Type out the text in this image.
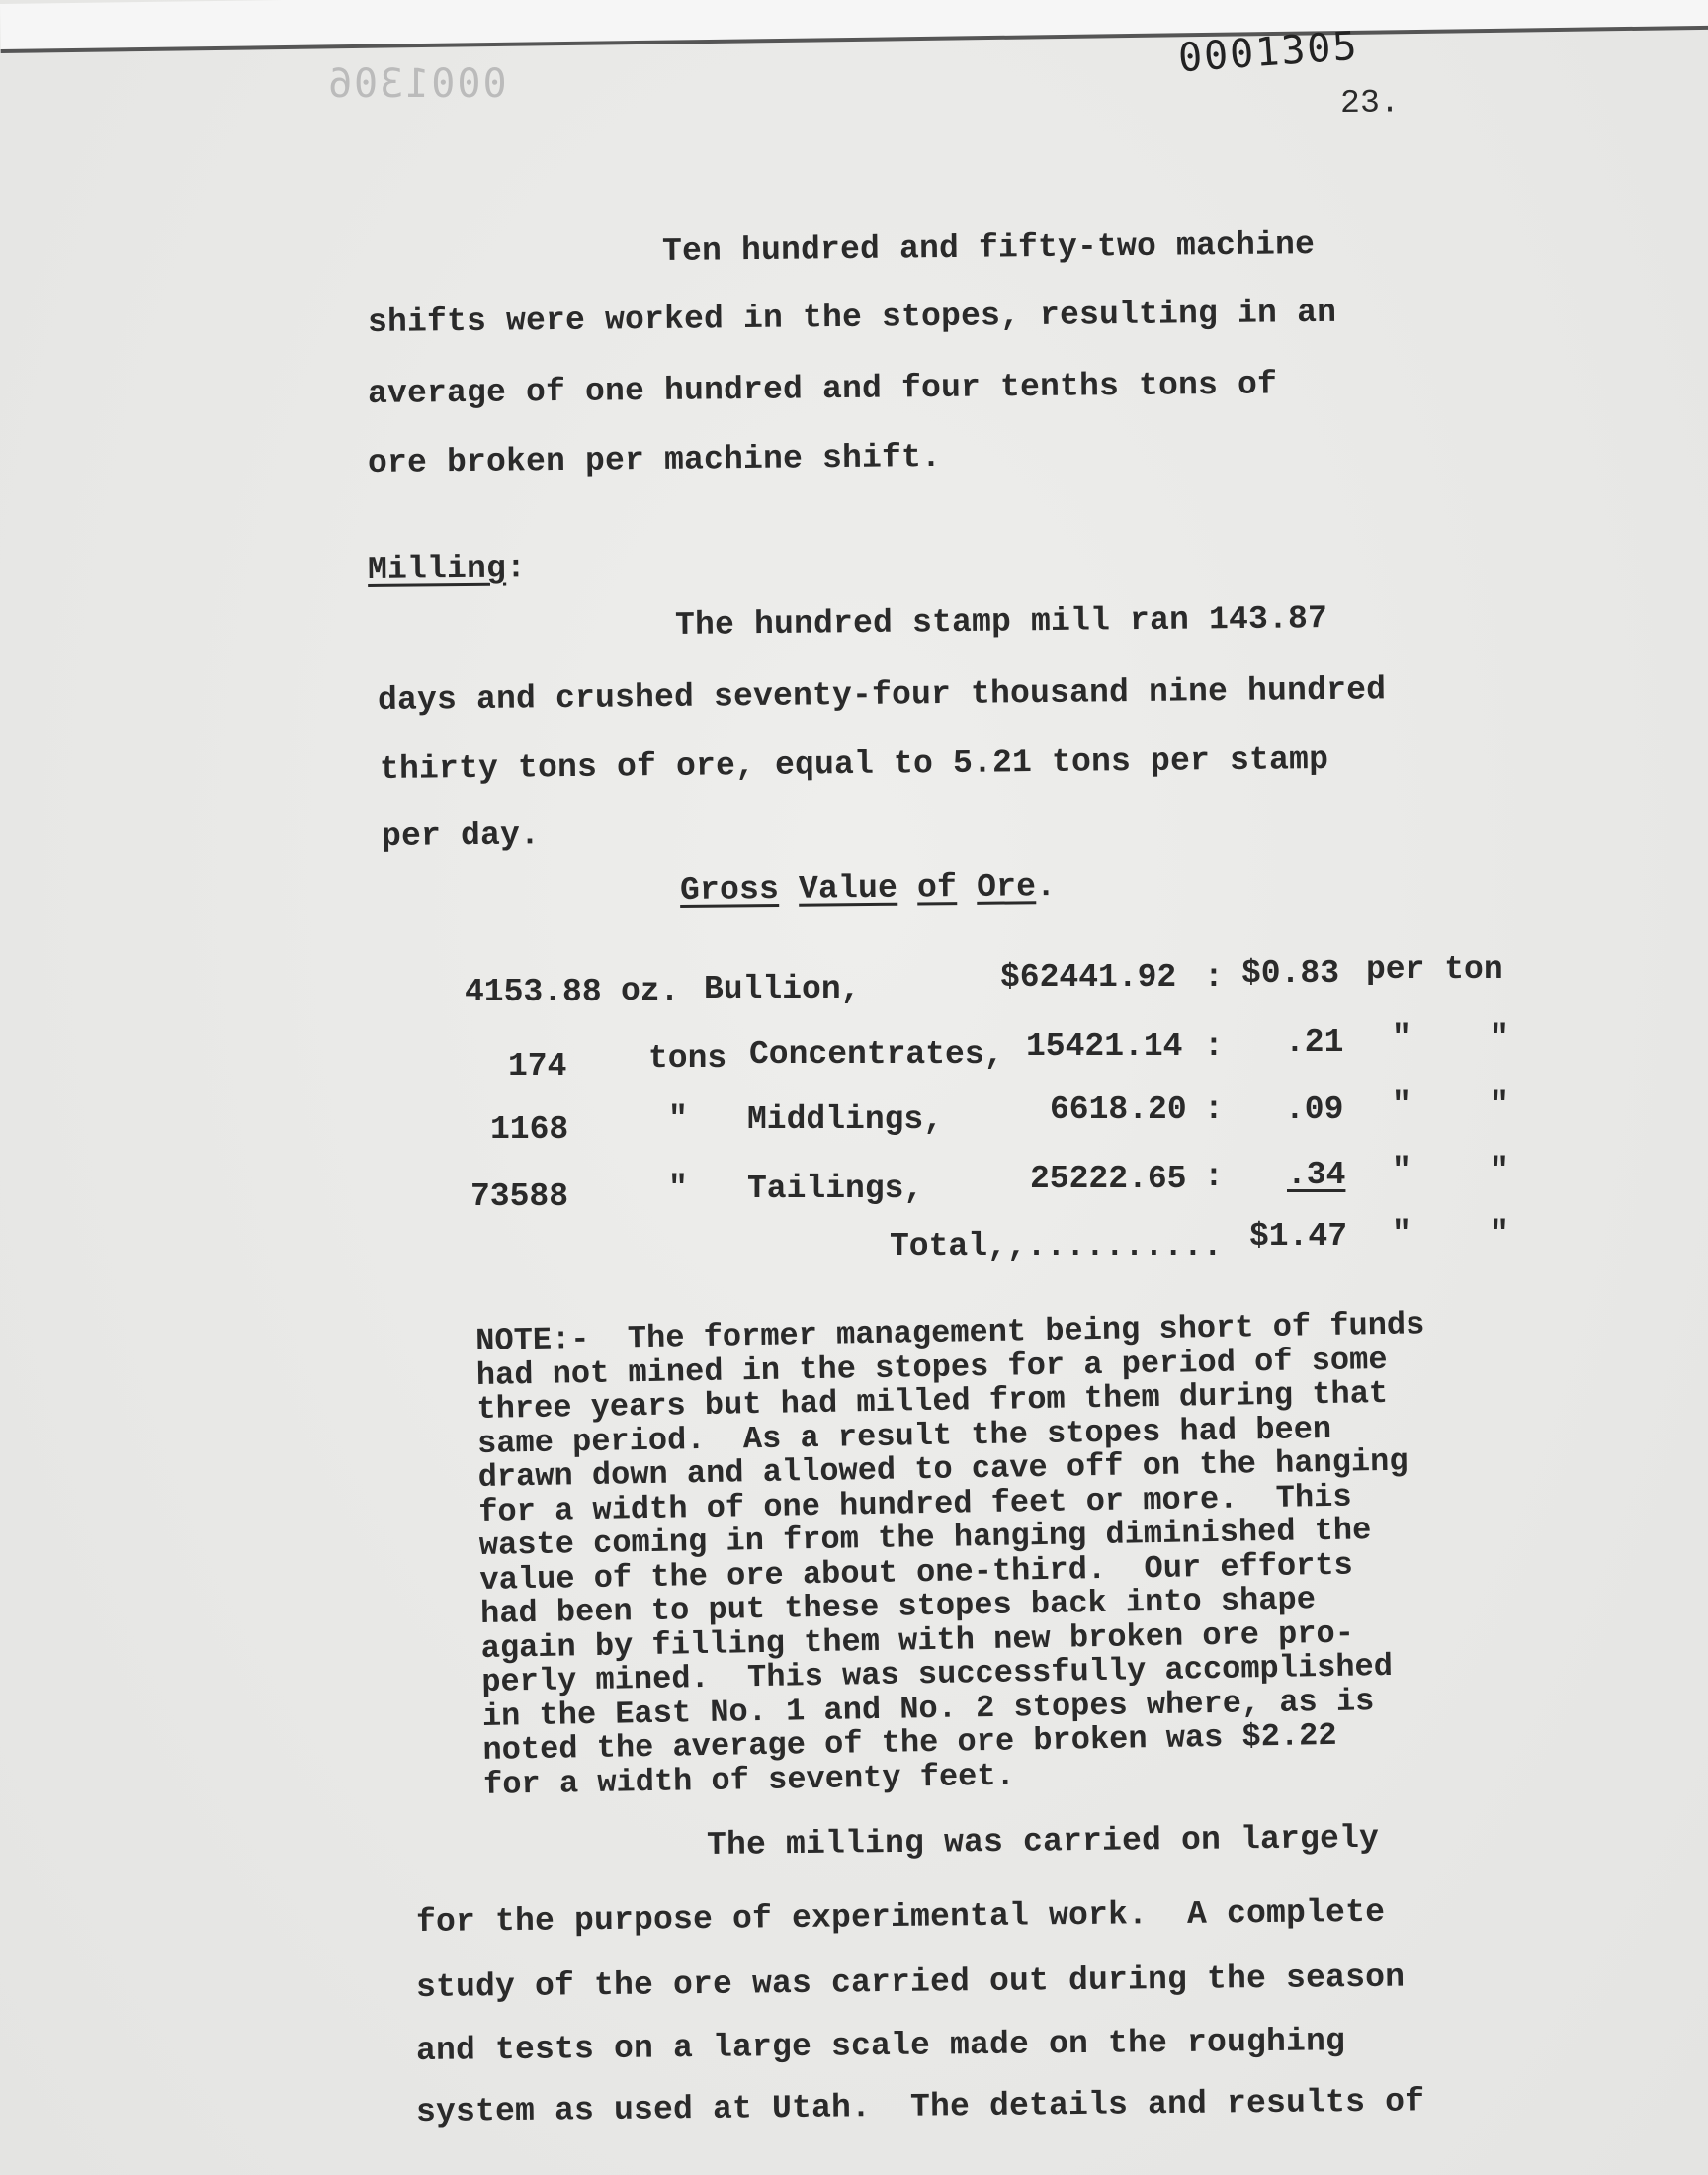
0001306
0001305
23.
Ten hundred and fifty-two machine
shifts were worked in the stopes, resulting in an
average of one hundred and four tenths tons of
ore broken per machine shift.
Milling:
The hundred stamp mill ran 143.87
days and crushed seventy-four thousand nine hundred
thirty tons of ore, equal to 5.21 tons per stamp
per day.
Gross Value of Ore.
4153.88 oz. Bullion,	$62441.92 : $0.83 per ton
174	tons Concentrates, 15421.14 : .21 "    "
1168	" Middlings,	6618.20 : .09 "    "
73588	" Tailings,	25222.65 :	.34 "    "
Total,,.......... $1.47 "    "
NOTE:-  The former management being short of funds
had not mined in the stopes for a period of some
three years but had milled from them during that
same period.  As a result the stopes had been
drawn down and allowed to cave off on the hanging
for a width of one hundred feet or more.  This
waste coming in from the hanging diminished the
value of the ore about one-third.  Our efforts
had been to put these stopes back into shape
again by filling them with new broken ore pro-
perly mined.  This was successfully accomplished
in the East No. 1 and No. 2 stopes where, as is
noted the average of the ore broken was $2.22
for a width of seventy feet.
The milling was carried on largely
for the purpose of experimental work.  A complete
study of the ore was carried out during the season
and tests on a large scale made on the roughing
system as used at Utah.  The details and results of
